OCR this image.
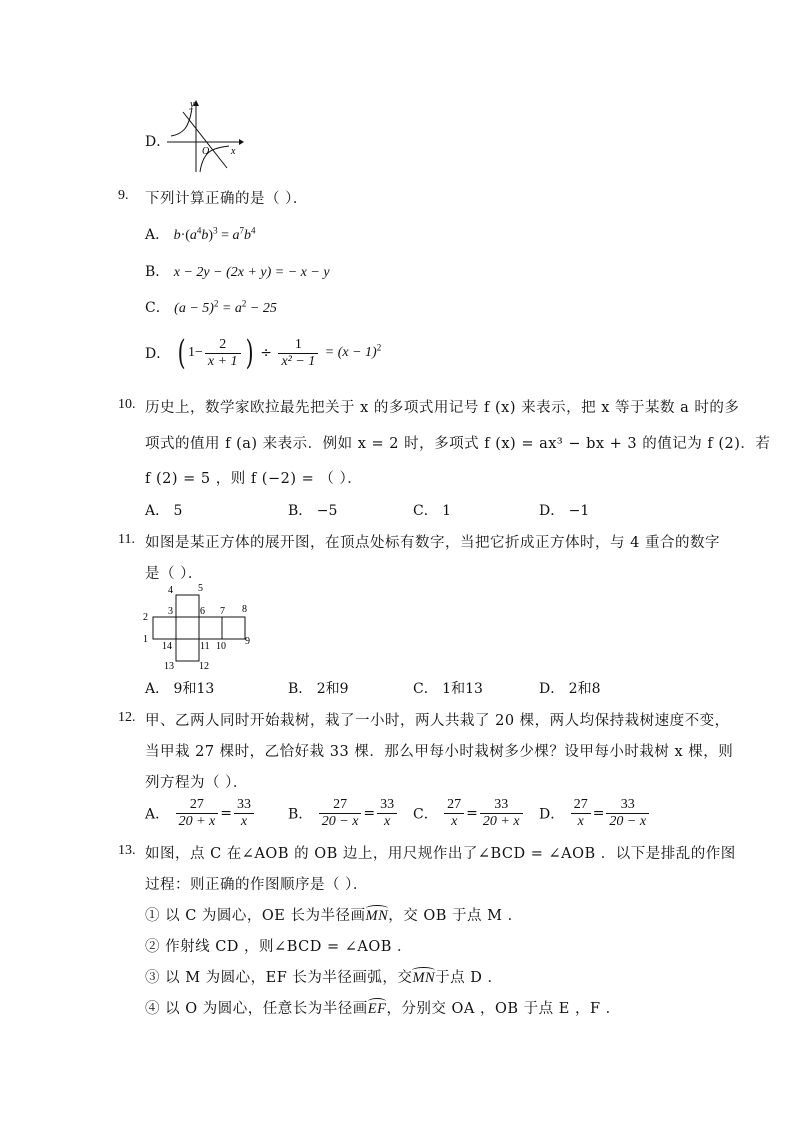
D．
y
x
O
9. 下列计算正确的是（ ）．
A． $b\cdot(a^4b)^3 = a^7b^4$
B． x − 2y − (2x + y) = − x − y
C． $(a - 5)^2 = a^2 - 25$
D． ( $1- \frac{2}{x + 1}$ ) ÷ $\frac{1}{\text{x² − 1}} = (x - 1)^2$
10. 历史上，数学家欧拉最先把关于 x 的多项式用记号 f (x) 来表示，把 x 等于某数 a 时的多
项式的值用 f (a) 来表示．例如 x = 2 时，多项式 f (x) = ax³ − bx + 3 的值记为 f (2)．若
f (2) = 5 ，则 f (−2) = （ ）．
A． 5	B． −5	C． 1	D． −1
11. 如图是某正方体的展开图，在顶点处标有数字，当把它折成正方体时，与 4 重合的数字
是（ ）．
4	5
3	6 7 8
2
1	9
14	11 10
13	12
A． 9和13	B． 2和9	C． 1和13	D． 2和8
12. 甲、乙两人同时开始栽树，栽了一小时，两人共栽了 20 棵，两人均保持栽树速度不变，
当甲栽 27 棵时，乙恰好栽 33 棵．那么甲每小时栽树多少棵？设甲每小时栽树 x 棵，则
列方程为（ ）．
A． $\frac{27}{20 + x} = \frac{33}{x}$ B． $\frac{27}{20 - x} = \frac{33}{x}$ C． $\frac{27}{x} = \frac{33}{20 + x}$ D． $\frac{27}{x} = \frac{33}{20 - x}$
13. 如图，点 C 在∠AOB 的 OB 边上，用尺规作出了∠BCD = ∠AOB ．以下是排乱的作图
过程：则正确的作图顺序是（ ）．
① 以 C 为圆心，OE 长为半径画MN，交 OB 于点 M ．
② 作射线 CD ，则∠BCD = ∠AOB ．
③ 以 M 为圆心，EF 长为半径画弧，交MN于点 D ．
④ 以 O 为圆心，任意长为半径画EF，分别交 OA ，OB 于点 E ，F ．
